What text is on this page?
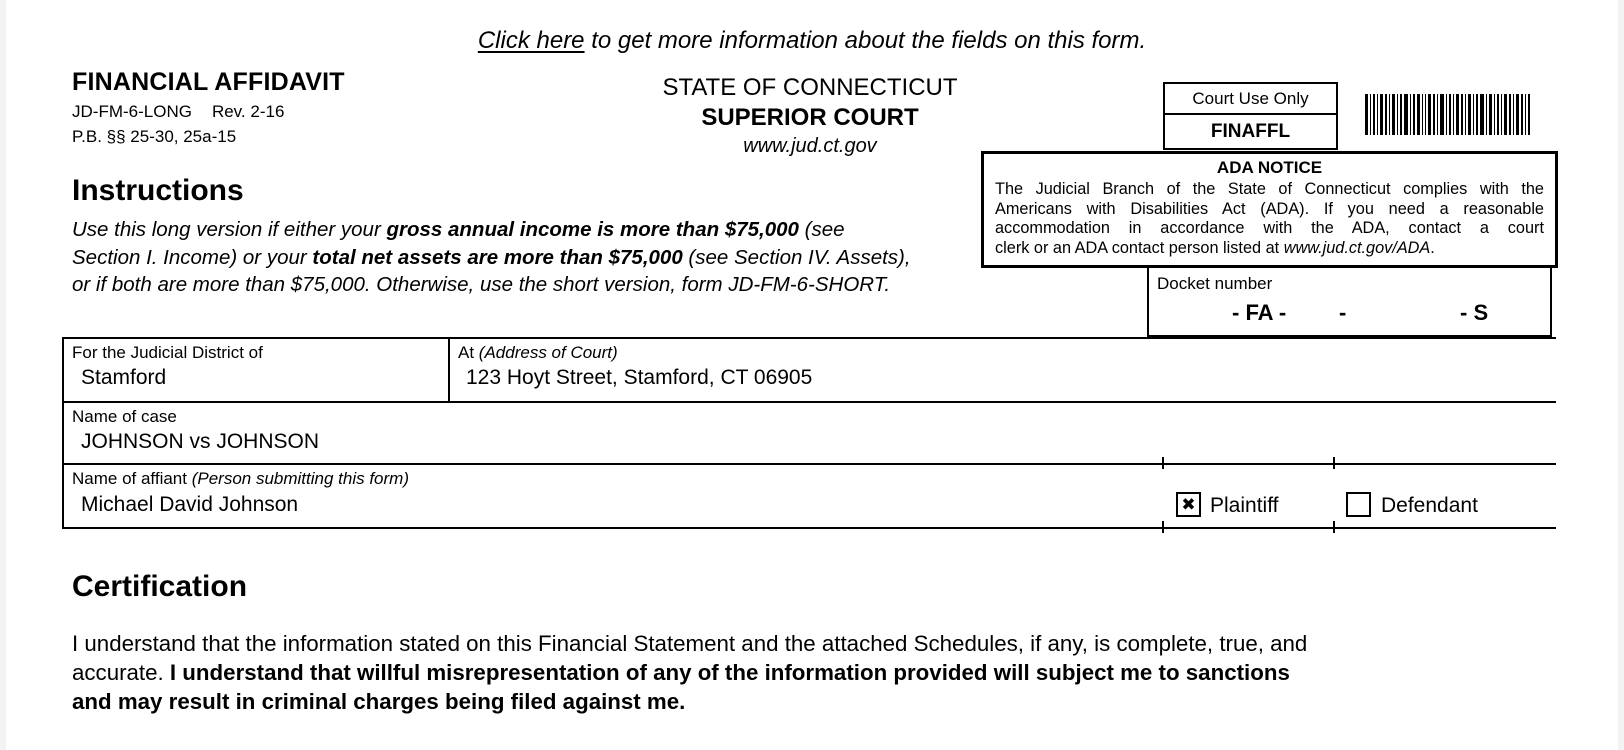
Click here to get more information about the fields on this form.
FINANCIAL AFFIDAVIT
JD-FM-6-LONG Rev. 2-16
P.B. §§ 25-30, 25a-15
STATE OF CONNECTICUT
SUPERIOR COURT
www.jud.ct.gov
Court Use Only
FINAFFL
ADA NOTICE
The Judicial Branch of the State of Connecticut complies with the
Americans with Disabilities Act (ADA). If you need a reasonable
accommodation in accordance with the ADA, contact a court
clerk or an ADA contact person listed at www.jud.ct.gov/ADA.
Instructions
Use this long version if either your gross annual income is more than $75,000 (see
Section I. Income) or your total net assets are more than $75,000 (see Section IV. Assets),
or if both are more than $75,000. Otherwise, use the short version, form JD-FM-6-SHORT.	Docket number
- FA - -	- S
For the Judicial District of
Stamford
At (Address of Court)
123 Hoyt Street, Stamford, CT 06905
Name of case
JOHNSON vs JOHNSON
Name of affiant (Person submitting this form)
Michael David Johnson	✖ Plaintiff	Defendant
Certification
I understand that the information stated on this Financial Statement and the attached Schedules, if any, is complete, true, and
accurate. I understand that willful misrepresentation of any of the information provided will subject me to sanctions
and may result in criminal charges being filed against me.
